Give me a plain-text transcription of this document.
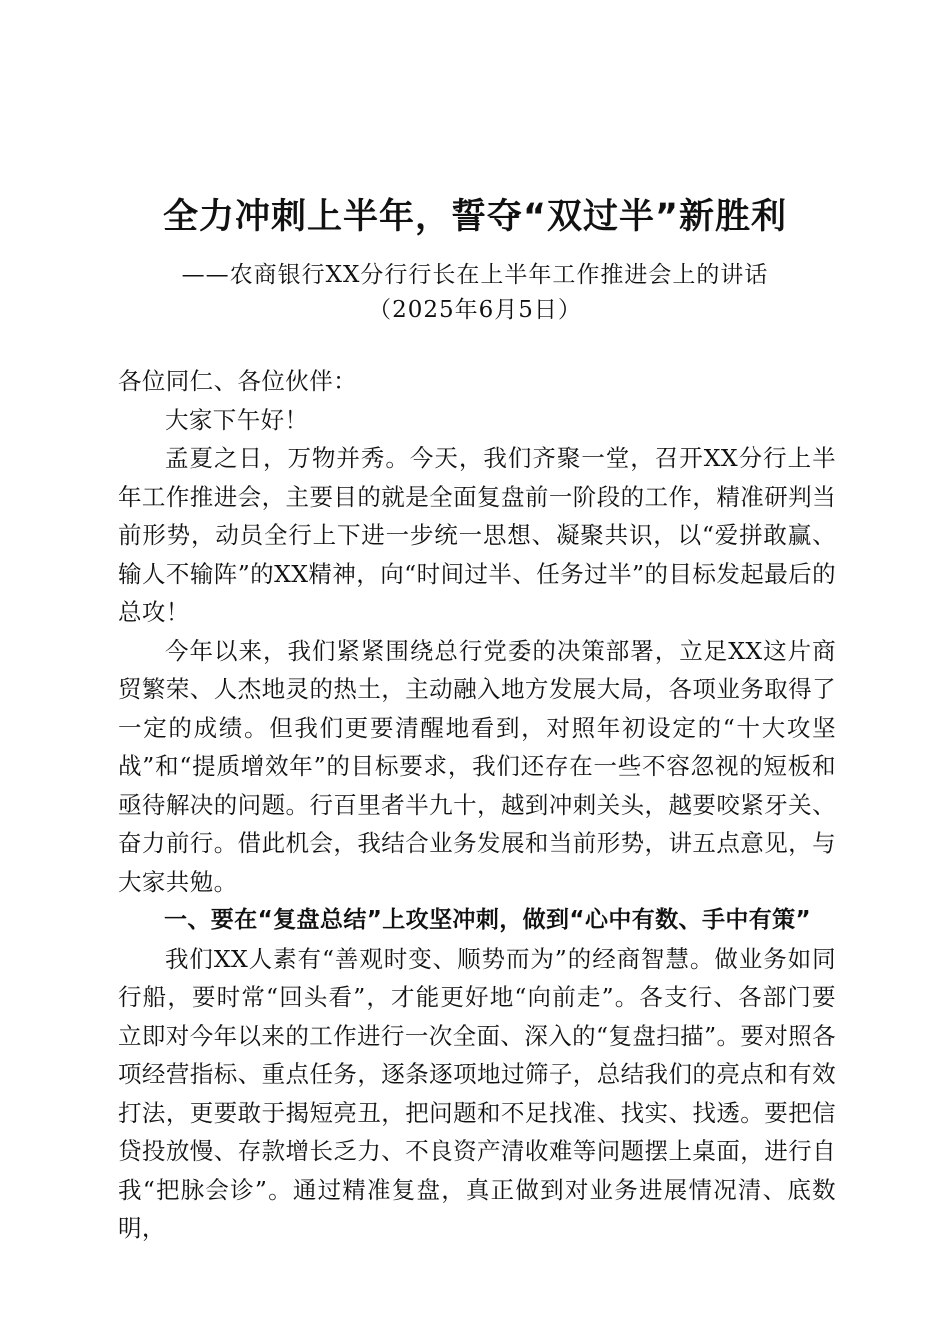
全力冲刺上半年，誓夺“双过半”新胜利
——农商银行XX分行行长在上半年工作推进会上的讲话
（2025年6月5日）

各位同仁、各位伙伴：

大家下午好！

孟夏之日，万物并秀。今天，我们齐聚一堂，召开XX分行上半年工作推进会，主要目的就是全面复盘前一阶段的工作，精准研判当前形势，动员全行上下进一步统一思想、凝聚共识，以“爱拼敢赢、输人不输阵”的XX精神，向“时间过半、任务过半”的目标发起最后的总攻！

今年以来，我们紧紧围绕总行党委的决策部署，立足XX这片商贸繁荣、人杰地灵的热土，主动融入地方发展大局，各项业务取得了一定的成绩。但我们更要清醒地看到，对照年初设定的“十大攻坚战”和“提质增效年”的目标要求，我们还存在一些不容忽视的短板和亟待解决的问题。行百里者半九十，越到冲刺关头，越要咬紧牙关、奋力前行。借此机会，我结合业务发展和当前形势，讲五点意见，与大家共勉。

一、要在“复盘总结”上攻坚冲刺，做到“心中有数、手中有策”

我们XX人素有“善观时变、顺势而为”的经商智慧。做业务如同行船，要时常“回头看”，才能更好地“向前走”。各支行、各部门要立即对今年以来的工作进行一次全面、深入的“复盘扫描”。要对照各项经营指标、重点任务，逐条逐项地过筛子，总结我们的亮点和有效打法，更要敢于揭短亮丑，把问题和不足找准、找实、找透。要把信贷投放慢、存款增长乏力、不良资产清收难等问题摆上桌面，进行自我“把脉会诊”。通过精准复盘，真正做到对业务进展情况清、底数明，
